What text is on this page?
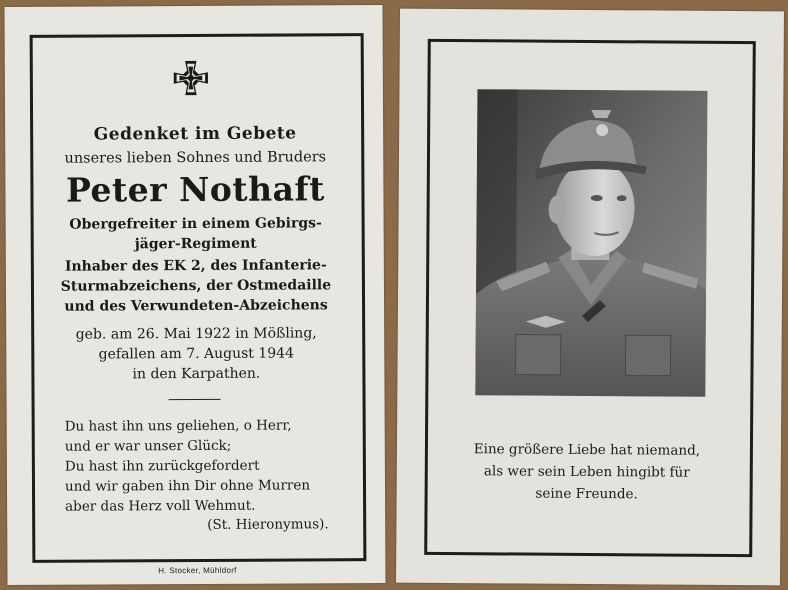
Gedenket im Gebete
unseres lieben Sohnes und Bruders
Peter Nothaft
Obergefreiter in einem Gebirgs-
jäger-Regiment
Inhaber des EK 2, des Infanterie-
Sturmabzeichens, der Ostmedaille
und des Verwundeten-Abzeichens
geb. am 26. Mai 1922 in Mößling,
gefallen am 7. August 1944
in den Karpathen.
Du hast ihn uns geliehen, o Herr,
und er war unser Glück;
Du hast ihn zurückgefordert
und wir gaben ihn Dir ohne Murren
aber das Herz voll Wehmut.
(St. Hieronymus).
H. Stocker, Mühldorf
Eine größere Liebe hat niemand,
als wer sein Leben hingibt für
seine Freunde.
